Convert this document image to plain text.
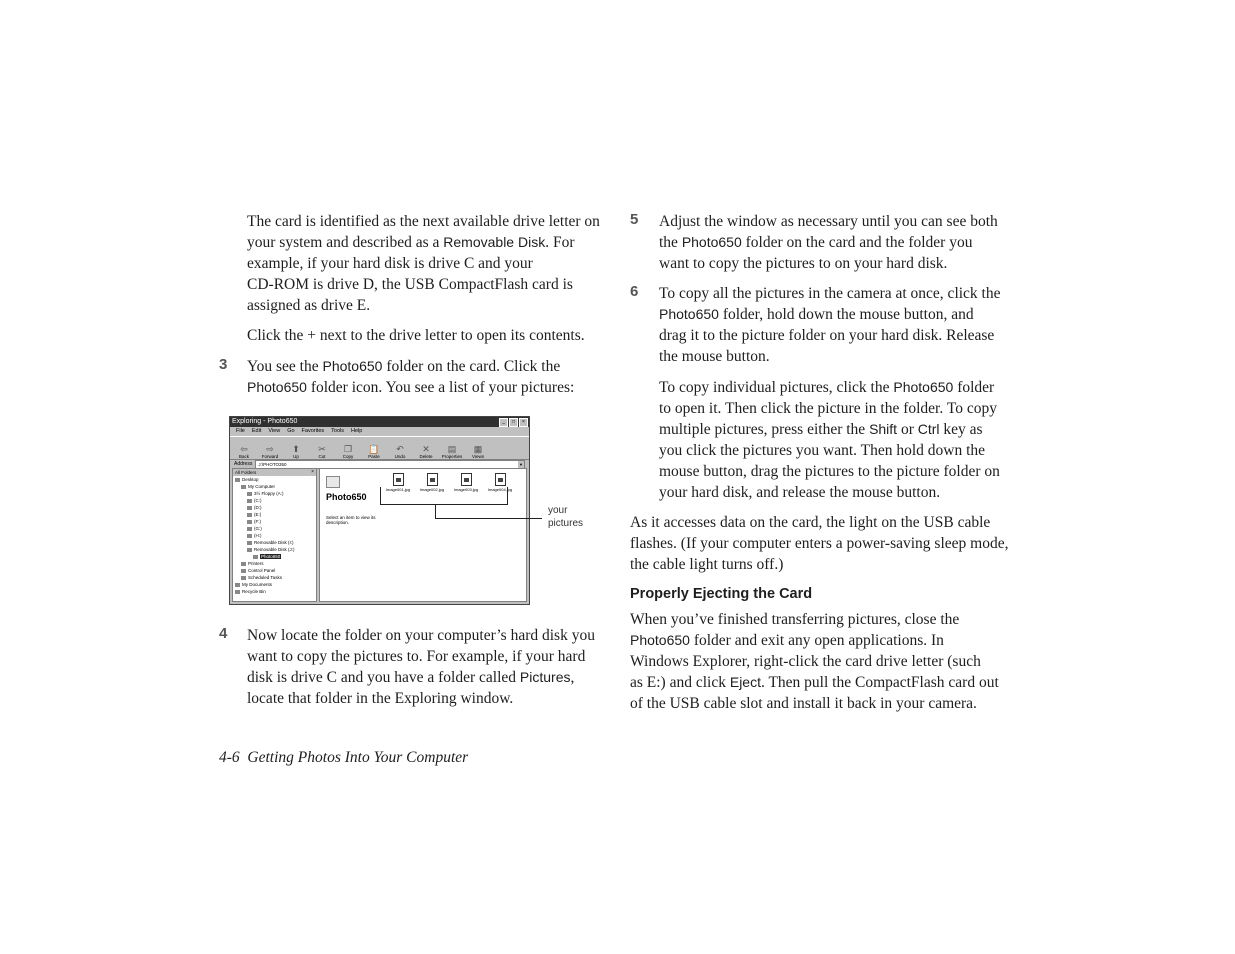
The card is identified as the next available drive letter on
your system and described as a Removable Disk. For
example, if your hard disk is drive C and your
CD-ROM is drive D, the USB CompactFlash card is
assigned as drive E.
Click the + next to the drive letter to open its contents.
3 You see the Photo650 folder on the card. Click the
Photo650 folder icon. You see a list of your pictures:
Exploring - Photo650	_	□	×
File Edit View Go Favorites Tools Help
⇦
Back
⇨
Forward
⬆
Up
✂
Cut
❐
Copy
📋
Paste
↶
Undo
✕
Delete
▤
Properties
▦
Views
Address	J:\PHOTO350	▼
All Folders	×
Desktop
My Computer
3½ Floppy (A:)
(C:)
(D:)
(E:)
(F:)
(G:)
(H:)
Removable Disk (I:)
Removable Disk (J:)
Photo650
Printers
Control Panel
Scheduled Tasks
My Documents
Recycle Bin
Photo650
Select an item to view its description.
Image001.jpg Image002.jpg Image003.jpg Image004.jpg
your
pictures
4 Now locate the folder on your computer’s hard disk you
want to copy the pictures to. For example, if your hard
disk is drive C and you have a folder called Pictures,
locate that folder in the Exploring window.
5 Adjust the window as necessary until you can see both
the Photo650 folder on the card and the folder you
want to copy the pictures to on your hard disk.
6 To copy all the pictures in the camera at once, click the
Photo650 folder, hold down the mouse button, and
drag it to the picture folder on your hard disk. Release
the mouse button.
To copy individual pictures, click the Photo650 folder
to open it. Then click the picture in the folder. To copy
multiple pictures, press either the Shift or Ctrl key as
you click the pictures you want. Then hold down the
mouse button, drag the pictures to the picture folder on
your hard disk, and release the mouse button.
As it accesses data on the card, the light on the USB cable
flashes. (If your computer enters a power-saving sleep mode,
the cable light turns off.)
Properly Ejecting the Card
When you’ve finished transferring pictures, close the
Photo650 folder and exit any open applications. In
Windows Explorer, right-click the card drive letter (such
as E:) and click Eject. Then pull the CompactFlash card out
of the USB cable slot and install it back in your camera.
4-6 Getting Photos Into Your Computer
